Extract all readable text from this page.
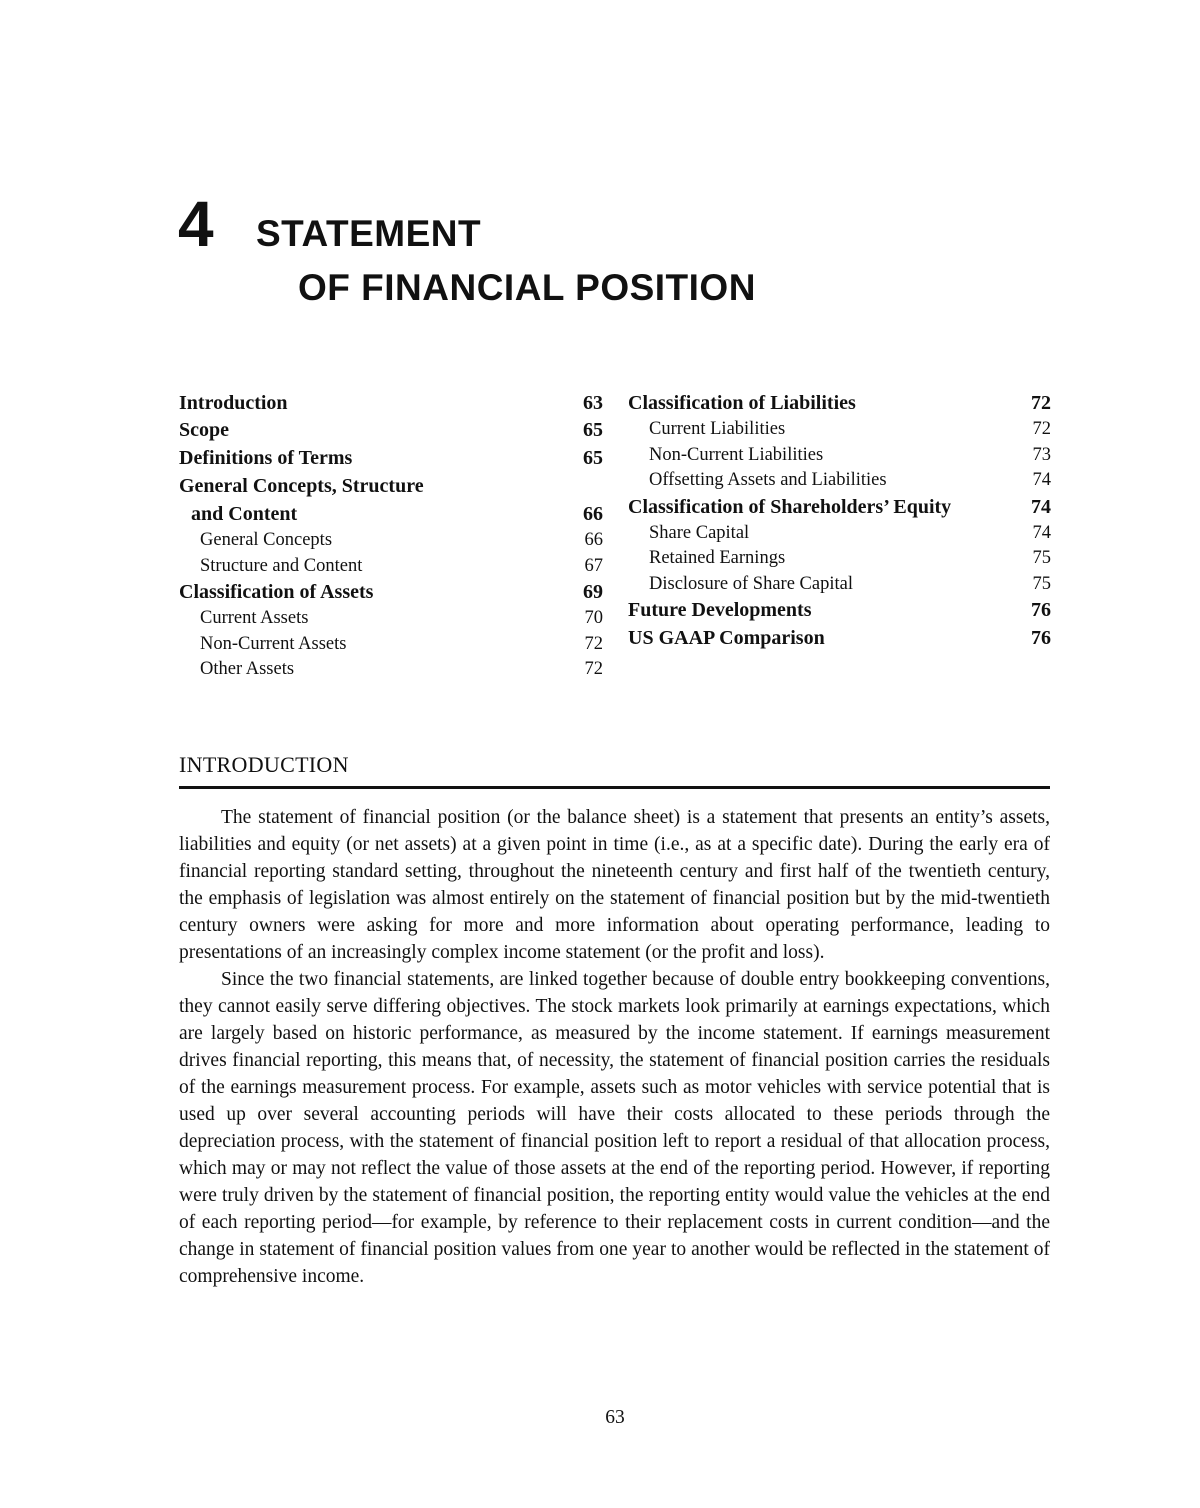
4 STATEMENT
OF FINANCIAL POSITION
Introduction	63
Scope	65
Definitions of Terms	65
General Concepts, Structure
and Content	66
General Concepts	66
Structure and Content	67
Classification of Assets	69
Current Assets	70
Non-Current Assets	72
Other Assets	72
Classification of Liabilities	72
Current Liabilities	72
Non-Current Liabilities	73
Offsetting Assets and Liabilities	74
Classification of Shareholders’ Equity	74
Share Capital	74
Retained Earnings	75
Disclosure of Share Capital	75
Future Developments	76
US GAAP Comparison	76
INTRODUCTION

The statement of financial position (or the balance sheet) is a statement that presents an entity’s assets, liabilities and equity (or net assets) at a given point in time (i.e., as at a specific date). During the early era of financial reporting standard setting, throughout the nineteenth century and first half of the twentieth century, the emphasis of legislation was almost entirely on the statement of financial position but by the mid-twentieth century owners were asking for more and more information about operating performance, leading to presentations of an increasingly complex income statement (or the profit and loss).

Since the two financial statements, are linked together because of double entry bookkeeping conventions, they cannot easily serve differing objectives. The stock markets look primarily at earnings expectations, which are largely based on historic performance, as measured by the income statement. If earnings measurement drives financial reporting, this means that, of necessity, the statement of financial position carries the residuals of the earnings measurement process. For example, assets such as motor vehicles with service potential that is used up over several accounting periods will have their costs allocated to these periods through the depreciation process, with the statement of financial position left to report a residual of that allocation process, which may or may not reflect the value of those assets at the end of the reporting period. However, if reporting were truly driven by the statement of financial position, the reporting entity would value the vehicles at the end of each reporting period—for example, by reference to their replacement costs in current condition—and the change in statement of financial position values from one year to another would be reflected in the statement of comprehensive income.

63
